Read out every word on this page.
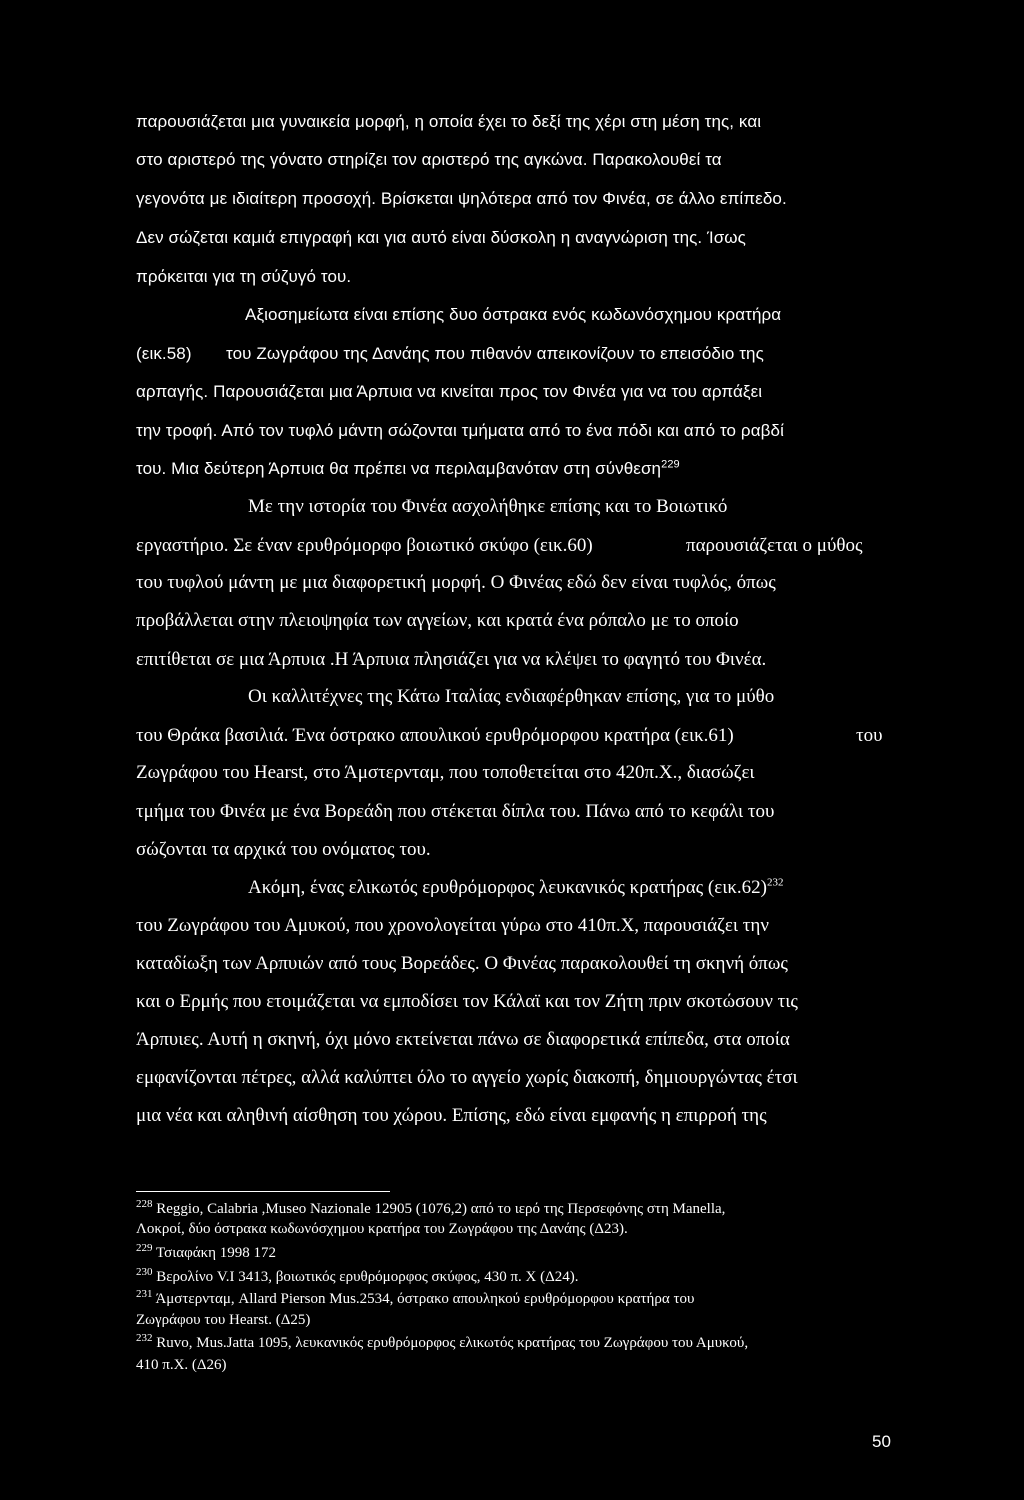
παρουσιάζεται μια γυναικεία μορφή, η οποία έχει το δεξί της χέρι στη μέση της, και

στο αριστερό της γόνατο στηρίζει τον αριστερό της αγκώνα. Παρακολουθεί τα

γεγονότα με ιδιαίτερη προσοχή. Βρίσκεται ψηλότερα από τον Φινέα, σε άλλο επίπεδο.

Δεν σώζεται καμιά επιγραφή και για αυτό είναι δύσκολη η αναγνώριση της. Ίσως

πρόκειται για τη σύζυγό του.

Αξιοσημείωτα είναι επίσης δυο όστρακα ενός κωδωνόσχημου κρατήρα

(εικ.58) του Ζωγράφου της Δανάης που πιθανόν απεικονίζουν το επεισόδιο της

αρπαγής. Παρουσιάζεται μια Άρπυια να κινείται προς τον Φινέα για να του αρπάξει

την τροφή. Από τον τυφλό μάντη σώζονται τμήματα από το ένα πόδι και από το ραβδί

του. Μια δεύτερη Άρπυια θα πρέπει να περιλαμβανόταν στη σύνθεση$^{229}$

Με την ιστορία του Φινέα ασχολήθηκε επίσης και το Βοιωτικό

εργαστήριο. Σε έναν ερυθρόμορφο βοιωτικό σκύφο (εικ.60)	παρουσιάζεται ο μύθος

του τυφλού μάντη με μια διαφορετική μορφή. Ο Φινέας εδώ δεν είναι τυφλός, όπως

προβάλλεται στην πλειοψηφία των αγγείων, και κρατά ένα ρόπαλο με το οποίο

επιτίθεται σε μια Άρπυια .Η Άρπυια πλησιάζει για να κλέψει το φαγητό του Φινέα.

Οι καλλιτέχνες της Κάτω Ιταλίας ενδιαφέρθηκαν επίσης, για το μύθο

του Θράκα βασιλιά. Ένα όστρακο απουλικού ερυθρόμορφου κρατήρα (εικ.61)	του

Ζωγράφου του Hearst, στο Άμστερνταμ, που τοποθετείται στο 420π.Χ., διασώζει

τμήμα του Φινέα με ένα Βορεάδη που στέκεται δίπλα του. Πάνω από το κεφάλι του

σώζονται τα αρχικά του ονόματος του.

Ακόμη, ένας ελικωτός ερυθρόμορφος λευκανικός κρατήρας $(\varepsilon\iota\kappa.62)^{232}$

του Ζωγράφου του Αμυκού, που χρονολογείται γύρω στο 410π.Χ, παρουσιάζει την

καταδίωξη των Αρπυιών από τους Βορεάδες. Ο Φινέας παρακολουθεί τη σκηνή όπως

και ο Ερμής που ετοιμάζεται να εμποδίσει τον Κάλαϊ και τον Ζήτη πριν σκοτώσουν τις

Άρπυιες. Αυτή η σκηνή, όχι μόνο εκτείνεται πάνω σε διαφορετικά επίπεδα, στα οποία

εμφανίζονται πέτρες, αλλά καλύπτει όλο το αγγείο χωρίς διακοπή, δημιουργώντας έτσι

μια νέα και αληθινή αίσθηση του χώρου. Επίσης, εδώ είναι εμφανής η επιρροή της

$^{228}$ Reggio, Calabria ,Museo Nazionale 12905 (1076,2) από το ιερό της Περσεφόνης στη Manella,

Λοκροί, δύο όστρακα κωδωνόσχημου κρατήρα του Ζωγράφου της Δανάης (Δ23).

$^{229}$ Τσιαφάκη 1998 172

$^{230}$ Βερολίνο V.I 3413, βοιωτικός ερυθρόμορφος σκύφος, 430 π. Χ (Δ24).

$^{231}$ Άμστερνταμ, Allard Pierson Mus.2534, όστρακο απουληκού ερυθρόμορφου κρατήρα του

Ζωγράφου του Hearst. (Δ25)

$^{232}$ Ruvo, Mus.Jatta 1095, λευκανικός ερυθρόμορφος ελικωτός κρατήρας του Ζωγράφου του Αμυκού,

410 π.Χ. (Δ26)

50
